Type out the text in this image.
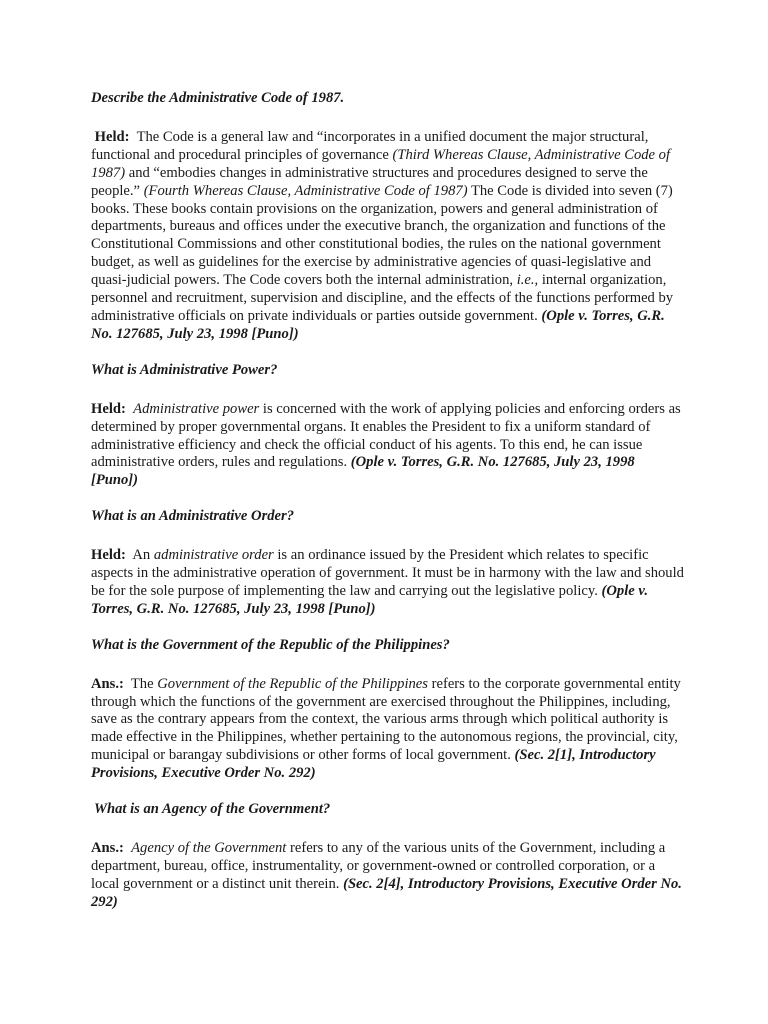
Describe the Administrative Code of 1987.

Held: The Code is a general law and “incorporates in a unified document the major structural, functional and procedural principles of governance (Third Whereas Clause, Administrative Code of 1987) and “embodies changes in administrative structures and procedures designed to serve the people.” (Fourth Whereas Clause, Administrative Code of 1987) The Code is divided into seven (7) books. These books contain provisions on the organization, powers and general administration of departments, bureaus and offices under the executive branch, the organization and functions of the Constitutional Commissions and other constitutional bodies, the rules on the national government budget, as well as guidelines for the exercise by administrative agencies of quasi-legislative and quasi-judicial powers. The Code covers both the internal administration, i.e., internal organization, personnel and recruitment, supervision and discipline, and the effects of the functions performed by administrative officials on private individuals or parties outside government. (Ople v. Torres, G.R. No. 127685, July 23, 1998 [Puno])

What is Administrative Power?

Held: Administrative power is concerned with the work of applying policies and enforcing orders as determined by proper governmental organs. It enables the President to fix a uniform standard of administrative efficiency and check the official conduct of his agents. To this end, he can issue administrative orders, rules and regulations. (Ople v. Torres, G.R. No. 127685, July 23, 1998 [Puno])

What is an Administrative Order?

Held: An administrative order is an ordinance issued by the President which relates to specific aspects in the administrative operation of government. It must be in harmony with the law and should be for the sole purpose of implementing the law and carrying out the legislative policy. (Ople v. Torres, G.R. No. 127685, July 23, 1998 [Puno])

What is the Government of the Republic of the Philippines?

Ans.: The Government of the Republic of the Philippines refers to the corporate governmental entity through which the functions of the government are exercised throughout the Philippines, including, save as the contrary appears from the context, the various arms through which political authority is made effective in the Philippines, whether pertaining to the autonomous regions, the provincial, city, municipal or barangay subdivisions or other forms of local government. (Sec. 2[1], Introductory Provisions, Executive Order No. 292)

What is an Agency of the Government?

Ans.: Agency of the Government refers to any of the various units of the Government, including a department, bureau, office, instrumentality, or government-owned or controlled corporation, or a local government or a distinct unit therein. (Sec. 2[4], Introductory Provisions, Executive Order No. 292)
